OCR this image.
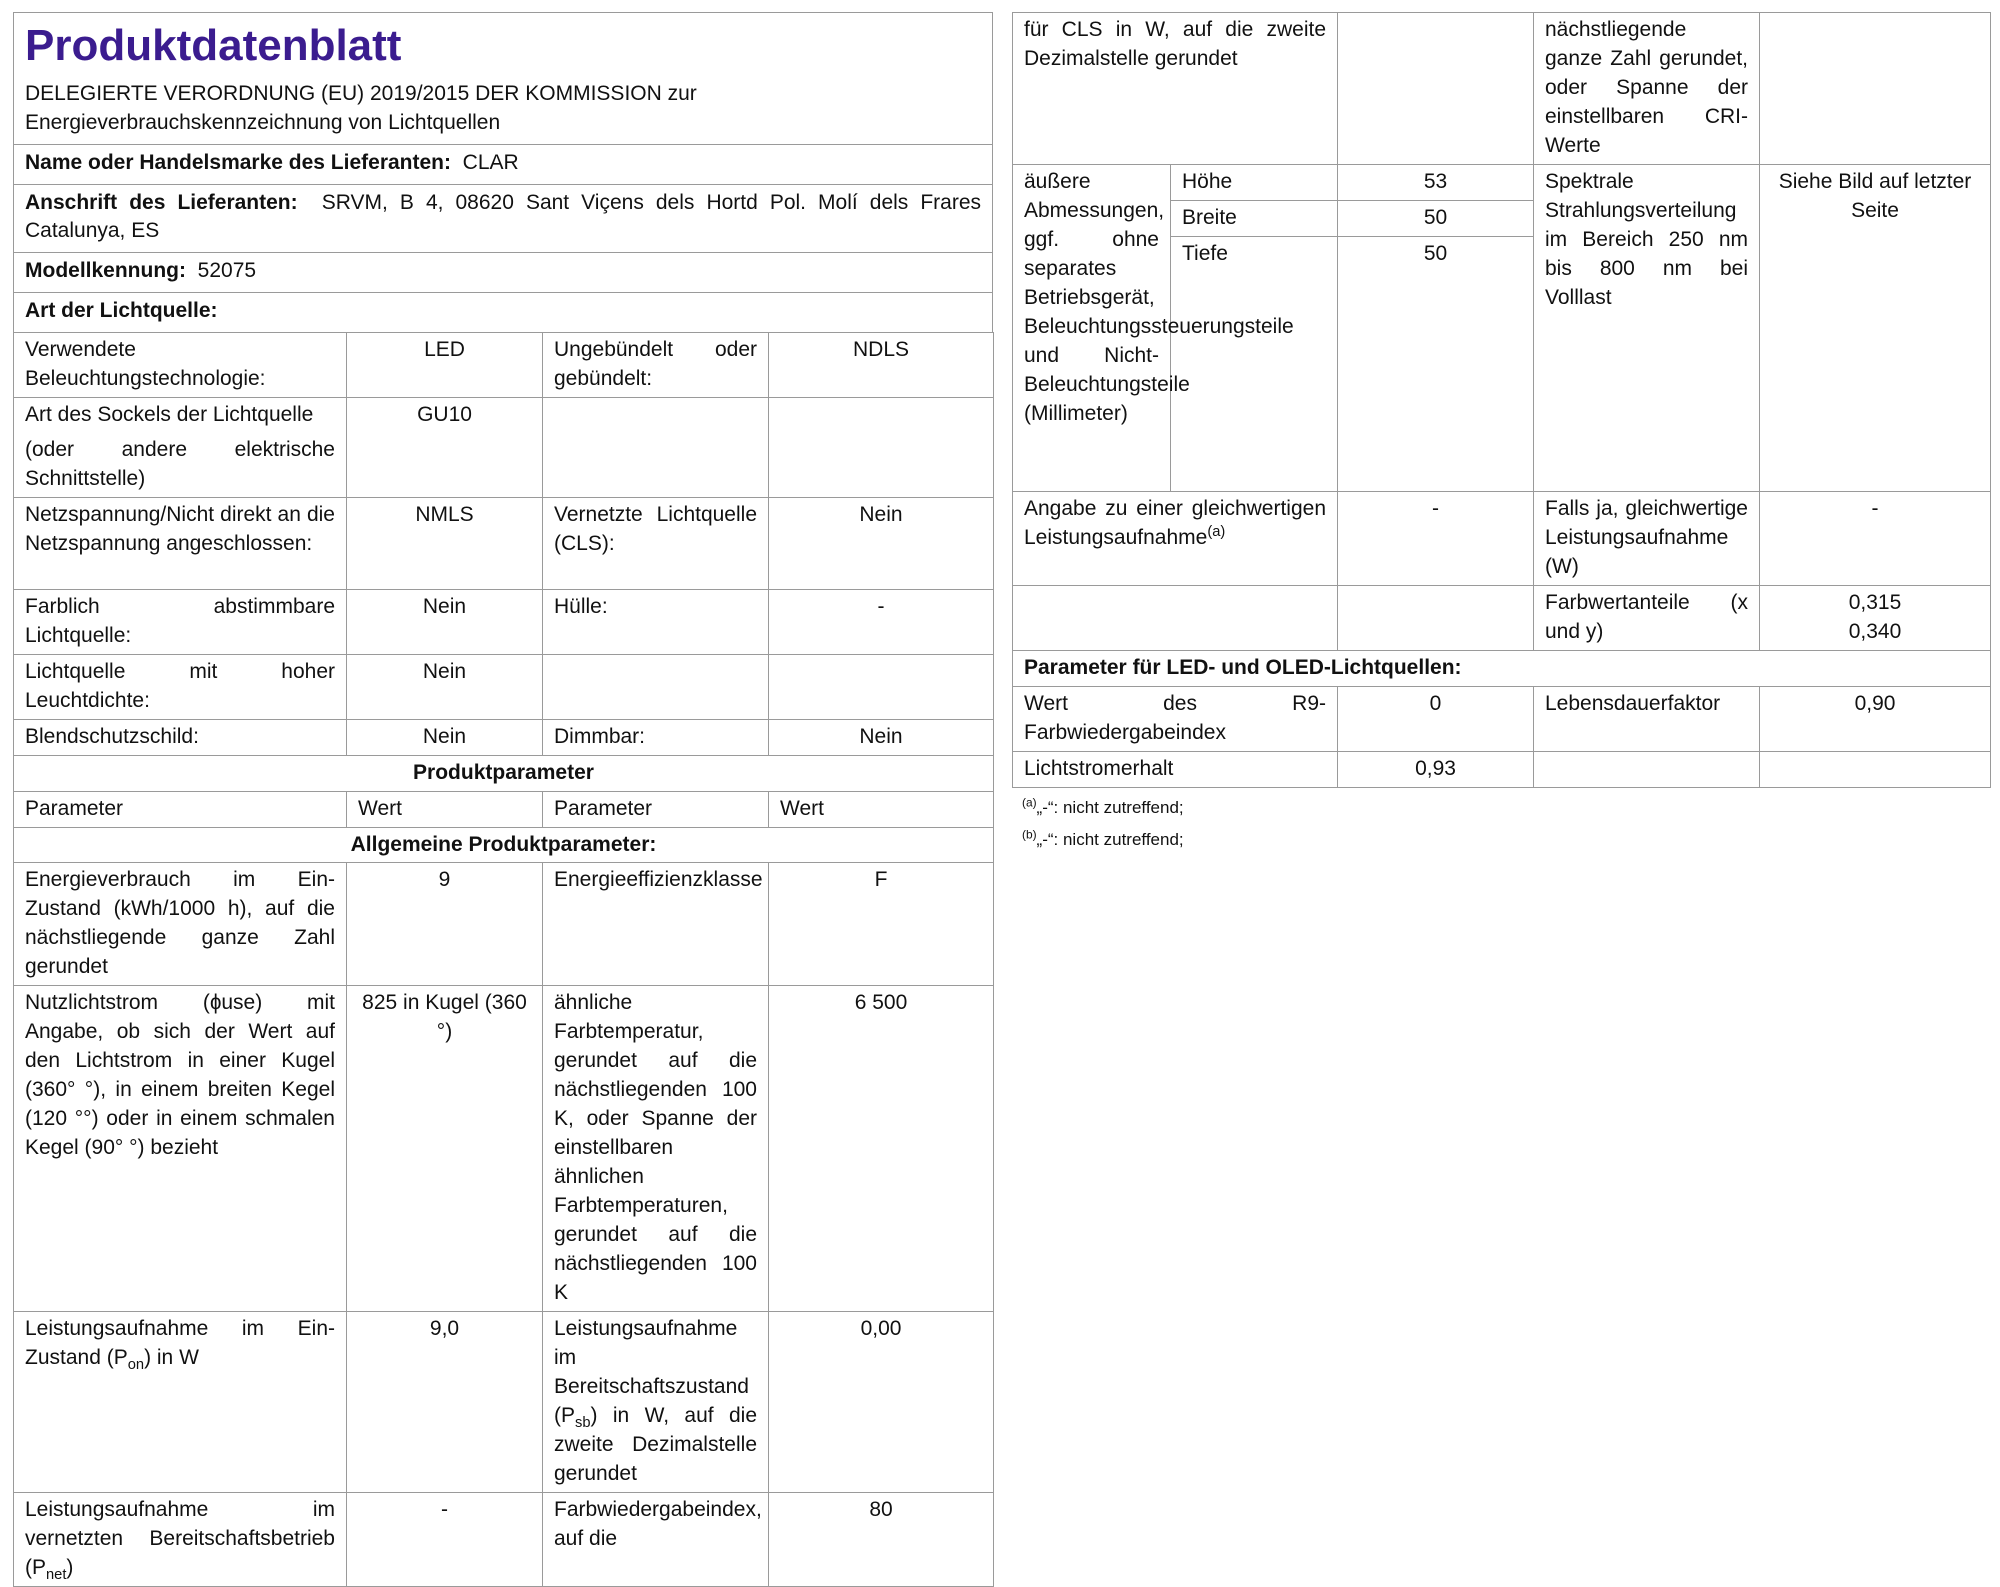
Produktdatenblatt
DELEGIERTE VERORDNUNG (EU) 2019/2015 DER KOMMISSION zur Energieverbrauchskennzeichnung von Lichtquellen

Name oder Handelsmarke des Lieferanten: CLAR
Anschrift des Lieferanten: SRVM, B 4, 08620 Sant Viçens dels Hortd Pol. Molí dels Frares Catalunya, ES
Modellkennung: 52075
Art der Lichtquelle:
Verwendete Beleuchtungstechnologie:	LED	Ungebündelt oder gebündelt:	NDLS

Art des Sockels der Lichtquelle
(oder andere elektrische Schnittstelle)	GU10		
Netzspannung/Nicht direkt an die Netzspannung angeschlossen:	NMLS	Vernetzte Lichtquelle (CLS):	Nein
Farblich abstimmbare Lichtquelle:	Nein	Hülle:	-
Lichtquelle mit hoher Leuchtdichte:	Nein		
Blendschutzschild:	Nein	Dimmbar:	Nein
Produktparameter			
Parameter	Wert	Parameter	Wert
Allgemeine Produktparameter:			
Energieverbrauch im Ein-Zustand (kWh/1000 h), auf die nächstliegende ganze Zahl gerundet	9	Energieeffizienzklasse	F
Nutzlichtstrom (ɸuse) mit Angabe, ob sich der Wert auf den Lichtstrom in einer Kugel (360° °), in einem breiten Kegel (120 °°) oder in einem schmalen Kegel (90° °) bezieht	825 in Kugel (360 °)	ähnliche Farbtemperatur, gerundet auf die nächstliegenden 100 K, oder Spanne der einstellbaren ähnlichen Farbtemperaturen, gerundet auf die nächstliegenden 100 K	6 500
Leistungsaufnahme im Ein-Zustand $(P_{on})$ in W	9,0	Leistungsaufnahme im Bereitschaftszustand $(P_{sb})$ in W, auf die zweite Dezimalstelle gerundet	0,00
Leistungsaufnahme im vernetzten Bereitschaftsbetrieb $(P_{net})$	-	Farbwiedergabeindex, auf die	80
für CLS in W, auf die zweite Dezimalstelle gerundet			nächstliegende ganze Zahl gerundet, oder Spanne der einstellbaren CRI-Werte	
äußere Abmessungen, ggf. ohne separates Betriebsgerät, Beleuchtungssteuerungsteile und Nicht-Beleuchtungsteile (Millimeter)	Höhe	53	Spektrale Strahlungsverteilung im Bereich 250 nm bis 800 nm bei Volllast	Siehe Bild auf letzter Seite
	Breite	50		
	Tiefe	50		
Angabe zu einer gleichwertigen Leistungsaufnahme$^{(a)}$		-	Falls ja, gleichwertige Leistungsaufnahme (W)	-
			Farbwertanteile (x und y)	0,315
0,340

Parameter für LED- und OLED-Lichtquellen:				
Wert des R9-Farbwiedergabeindex		0	Lebensdauerfaktor	0,90
Lichtstromerhalt		0,93		
$^{(a)}$„-“: nicht zutreffend;
$^{(b)}$„-“: nicht zutreffend;
